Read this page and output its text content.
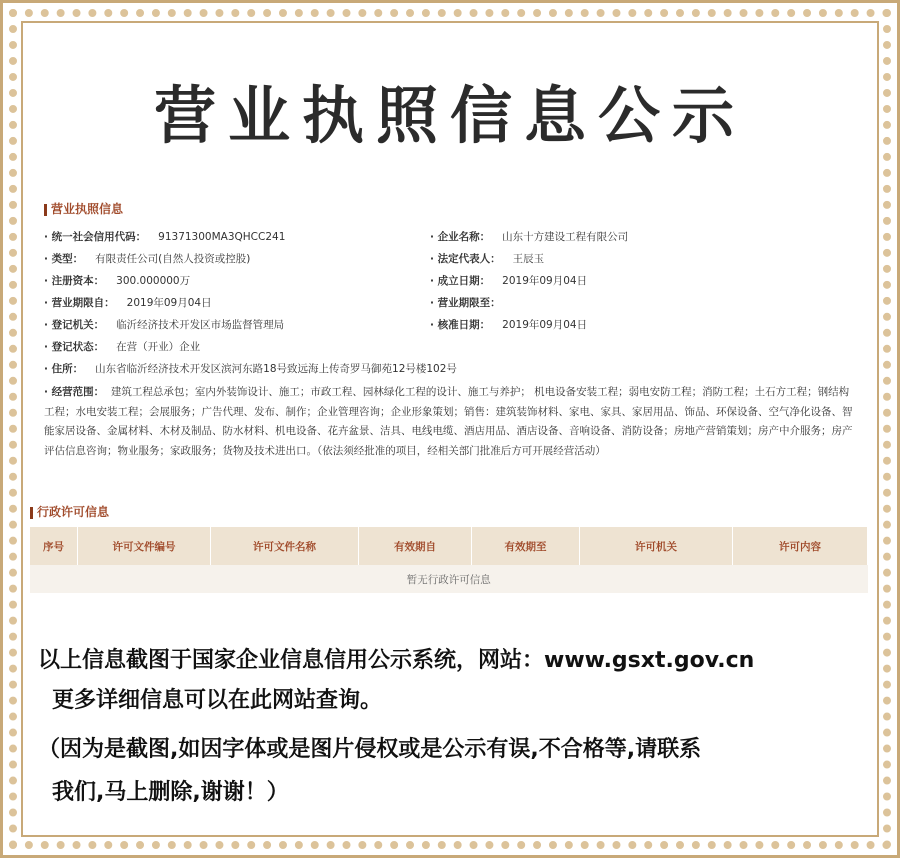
营业执照信息公示
营业执照信息
· 统一社会信用代码： 91371300MA3QHCC241	· 企业名称： 山东十方建设工程有限公司
· 类型： 有限责任公司(自然人投资或控股)	· 法定代表人： 王辰玉
· 注册资本： 300.000000万	· 成立日期： 2019年09月04日
· 营业期限自： 2019年09月04日	· 营业期限至：
· 登记机关： 临沂经济技术开发区市场监督管理局	· 核准日期： 2019年09月04日
· 登记状态： 在营（开业）企业
· 住所： 山东省临沂经济技术开发区滨河东路18号致远海上传奇罗马御苑12号楼102号
· 经营范围： 建筑工程总承包；室内外装饰设计、施工；市政工程、园林绿化工程的设计、施工与养护； 机电设备安装工程；弱电安防工程；消防工程；土石方工程；钢结构工程；水电安装工程；会展服务；广告代理、发布、制作；企业管理咨询；企业形象策划；销售：建筑装饰材料、家电、家具、家居用品、饰品、环保设备、空气净化设备、智能家居设备、金属材料、木材及制品、防水材料、机电设备、花卉盆景、洁具、电线电缆、酒店用品、酒店设备、音响设备、消防设备；房地产营销策划；房产中介服务；房产评估信息咨询；物业服务；家政服务；货物及技术进出口。（依法须经批准的项目，经相关部门批准后方可开展经营活动）
行政许可信息
序号	许可文件编号	许可文件名称	有效期自	有效期至	许可机关	许可内容
暂无行政许可信息
以上信息截图于国家企业信息信用公示系统，网站：www.gsxt.gov.cn
更多详细信息可以在此网站查询。
（因为是截图,如因字体或是图片侵权或是公示有误,不合格等,请联系
我们,马上删除,谢谢！）
